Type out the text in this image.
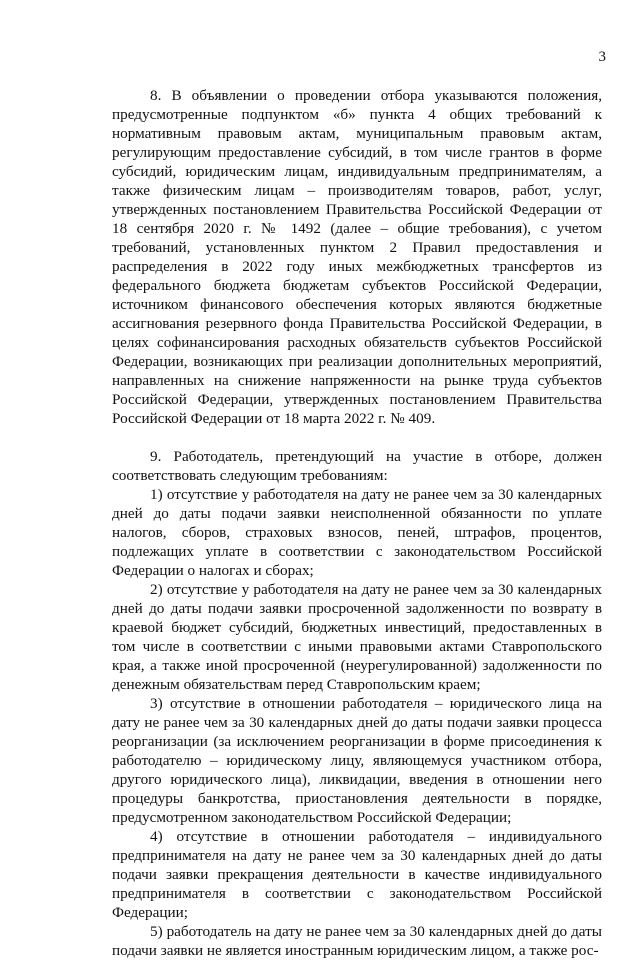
3

8. В объявлении о проведении отбора указываются положения, предусмотренные подпунктом «б» пункта 4 общих требований к нормативным правовым актам, муниципальным правовым актам, регулирующим предоставление субсидий, в том числе грантов в форме субсидий, юридическим лицам, индивидуальным предпринимателям, а также физическим лицам – производителям товаров, работ, услуг, утвержденных постановлением Правительства Российской Федерации от 18 сентября 2020 г. № 1492 (далее – общие требования), с учетом требований, установленных пунктом 2 Правил предоставления и распределения в 2022 году иных межбюджетных трансфертов из федерального бюджета бюджетам субъектов Российской Федерации, источником финансового обеспечения которых являются бюджетные ассигнования резервного фонда Правительства Российской Федерации, в целях софинансирования расходных обязательств субъектов Российской Федерации, возникающих при реализации дополнительных мероприятий, направленных на снижение напряженности на рынке труда субъектов Российской Федерации, утвержденных постановлением Правительства Российской Федерации от 18 марта 2022 г. № 409.

9. Работодатель, претендующий на участие в отборе, должен соответствовать следующим требованиям:

1) отсутствие у работодателя на дату не ранее чем за 30 календарных дней до даты подачи заявки неисполненной обязанности по уплате налогов, сборов, страховых взносов, пеней, штрафов, процентов, подлежащих уплате в соответствии с законодательством Российской Федерации о налогах и сборах;

2) отсутствие у работодателя на дату не ранее чем за 30 календарных дней до даты подачи заявки просроченной задолженности по возврату в краевой бюджет субсидий, бюджетных инвестиций, предоставленных в том числе в соответствии с иными правовыми актами Ставропольского края, а также иной просроченной (неурегулированной) задолженности по денежным обязательствам перед Ставропольским краем;

3) отсутствие в отношении работодателя – юридического лица на дату не ранее чем за 30 календарных дней до даты подачи заявки процесса реорганизации (за исключением реорганизации в форме присоединения к работодателю – юридическому лицу, являющемуся участником отбора, другого юридического лица), ликвидации, введения в отношении него процедуры банкротства, приостановления деятельности в порядке, предусмотренном законодательством Российской Федерации;

4) отсутствие в отношении работодателя – индивидуального предпринимателя на дату не ранее чем за 30 календарных дней до даты подачи заявки прекращения деятельности в качестве индивидуального предпринимателя в соответствии с законодательством Российской Федерации;

5) работодатель на дату не ранее чем за 30 календарных дней до даты подачи заявки не является иностранным юридическим лицом, а также рос-
